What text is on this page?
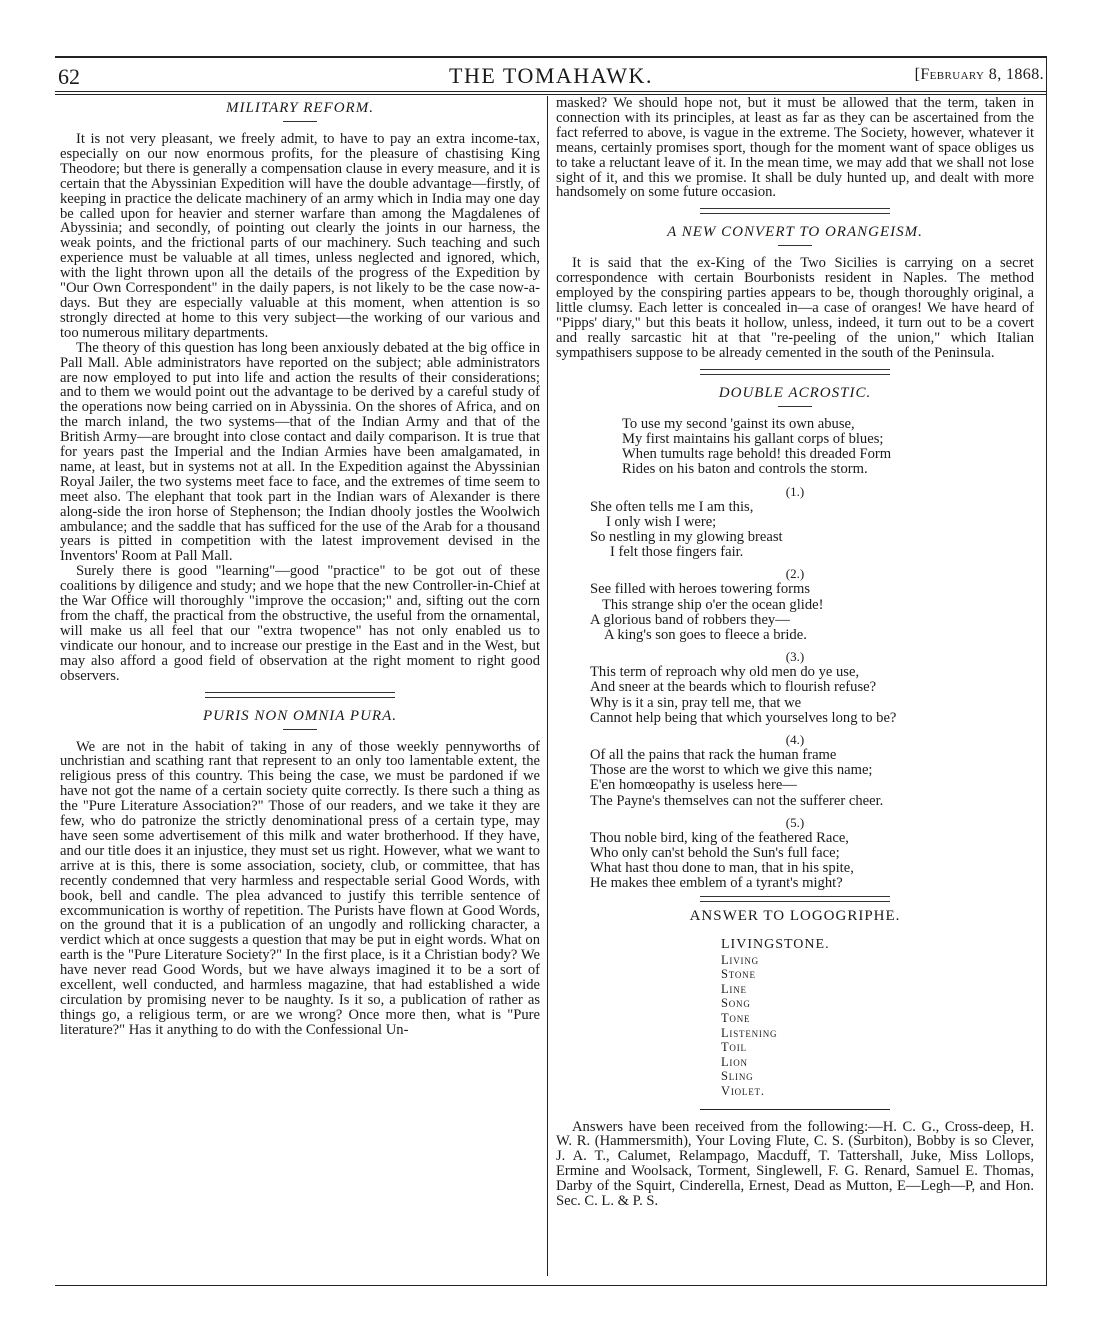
62	THE TOMAHAWK.	[February 8, 1868.
MILITARY REFORM.

It is not very pleasant, we freely admit, to have to pay an extra income-tax, especially on our now enormous profits, for the pleasure of chastising King Theodore; but there is generally a compensation clause in every measure, and it is certain that the Abyssinian Expedition will have the double advantage—firstly, of keeping in practice the delicate machinery of an army which in India may one day be called upon for heavier and sterner warfare than among the Magdalenes of Abyssinia; and secondly, of pointing out clearly the joints in our harness, the weak points, and the frictional parts of our machinery. Such teaching and such experience must be valuable at all times, unless neglected and ignored, which, with the light thrown upon all the details of the progress of the Expedition by "Our Own Correspondent" in the daily papers, is not likely to be the case now-a-days. But they are especially valuable at this moment, when attention is so strongly directed at home to this very subject—the working of our various and too numerous military departments.

The theory of this question has long been anxiously debated at the big office in Pall Mall. Able administrators have reported on the subject; able administrators are now employed to put into life and action the results of their considerations; and to them we would point out the advantage to be derived by a careful study of the operations now being carried on in Abyssinia. On the shores of Africa, and on the march inland, the two systems—that of the Indian Army and that of the British Army—are brought into close contact and daily comparison. It is true that for years past the Imperial and the Indian Armies have been amalgamated, in name, at least, but in systems not at all. In the Expedition against the Abyssinian Royal Jailer, the two systems meet face to face, and the extremes of time seem to meet also. The elephant that took part in the Indian wars of Alexander is there along-side the iron horse of Stephenson; the Indian dhooly jostles the Woolwich ambulance; and the saddle that has sufficed for the use of the Arab for a thousand years is pitted in competition with the latest improvement devised in the Inventors' Room at Pall Mall.

Surely there is good "learning"—good "practice" to be got out of these coalitions by diligence and study; and we hope that the new Controller-in-Chief at the War Office will thoroughly "improve the occasion;" and, sifting out the corn from the chaff, the practical from the obstructive, the useful from the ornamental, will make us all feel that our "extra twopence" has not only enabled us to vindicate our honour, and to increase our prestige in the East and in the West, but may also afford a good field of observation at the right moment to right good observers.

PURIS NON OMNIA PURA.

We are not in the habit of taking in any of those weekly pennyworths of unchristian and scathing rant that represent to an only too lamentable extent, the religious press of this country. This being the case, we must be pardoned if we have not got the name of a certain society quite correctly. Is there such a thing as the "Pure Literature Association?" Those of our readers, and we take it they are few, who do patronize the strictly denominational press of a certain type, may have seen some advertisement of this milk and water brotherhood. If they have, and our title does it an injustice, they must set us right. However, what we want to arrive at is this, there is some association, society, club, or committee, that has recently condemned that very harmless and respectable serial Good Words, with book, bell and candle. The plea advanced to justify this terrible sentence of excommunication is worthy of repetition. The Purists have flown at Good Words, on the ground that it is a publication of an ungodly and rollicking character, a verdict which at once suggests a question that may be put in eight words. What on earth is the "Pure Literature Society?" In the first place, is it a Christian body? We have never read Good Words, but we have always imagined it to be a sort of excellent, well conducted, and harmless magazine, that had established a wide circulation by promising never to be naughty. Is it so, a publication of rather as things go, a religious term, or are we wrong? Once more then, what is "Pure literature?" Has it anything to do with the Confessional Un-

masked? We should hope not, but it must be allowed that the term, taken in connection with its principles, at least as far as they can be ascertained from the fact referred to above, is vague in the extreme. The Society, however, whatever it means, certainly promises sport, though for the moment want of space obliges us to take a reluctant leave of it. In the mean time, we may add that we shall not lose sight of it, and this we promise. It shall be duly hunted up, and dealt with more handsomely on some future occasion.

A NEW CONVERT TO ORANGEISM.

It is said that the ex-King of the Two Sicilies is carrying on a secret correspondence with certain Bourbonists resident in Naples. The method employed by the conspiring parties appears to be, though thoroughly original, a little clumsy. Each letter is concealed in—a case of oranges! We have heard of "Pipps' diary," but this beats it hollow, unless, indeed, it turn out to be a covert and really sarcastic hit at that "re-peeling of the union," which Italian sympathisers suppose to be already cemented in the south of the Peninsula.

DOUBLE ACROSTIC.
To use my second 'gainst its own abuse,
My first maintains his gallant corps of blues;
When tumults rage behold! this dreaded Form
Rides on his baton and controls the storm.
(1.)
She often tells me I am this,
I only wish I were;
So nestling in my glowing breast
I felt those fingers fair.
(2.)
See filled with heroes towering forms
This strange ship o'er the ocean glide!
A glorious band of robbers they—
A king's son goes to fleece a bride.
(3.)
This term of reproach why old men do ye use,
And sneer at the beards which to flourish refuse?
Why is it a sin, pray tell me, that we
Cannot help being that which yourselves long to be?
(4.)
Of all the pains that rack the human frame
Those are the worst to which we give this name;
E'en homœopathy is useless here—
The Payne's themselves can not the sufferer cheer.
(5.)
Thou noble bird, king of the feathered Race,
Who only can'st behold the Sun's full face;
What hast thou done to man, that in his spite,
He makes thee emblem of a tyrant's might?
ANSWER TO LOGOGRIPHE.
LIVINGSTONE.
Living
Stone
Line
Song
Tone
Listening
Toil
Lion
Sling
Violet.

Answers have been received from the following:—H. C. G., Cross-deep, H. W. R. (Hammersmith), Your Loving Flute, C. S. (Surbiton), Bobby is so Clever, J. A. T., Calumet, Relampago, Macduff, T. Tattershall, Juke, Miss Lollops, Ermine and Woolsack, Torment, Singlewell, F. G. Renard, Samuel E. Thomas, Darby of the Squirt, Cinderella, Ernest, Dead as Mutton, E—Legh—P, and Hon. Sec. C. L. & P. S.
